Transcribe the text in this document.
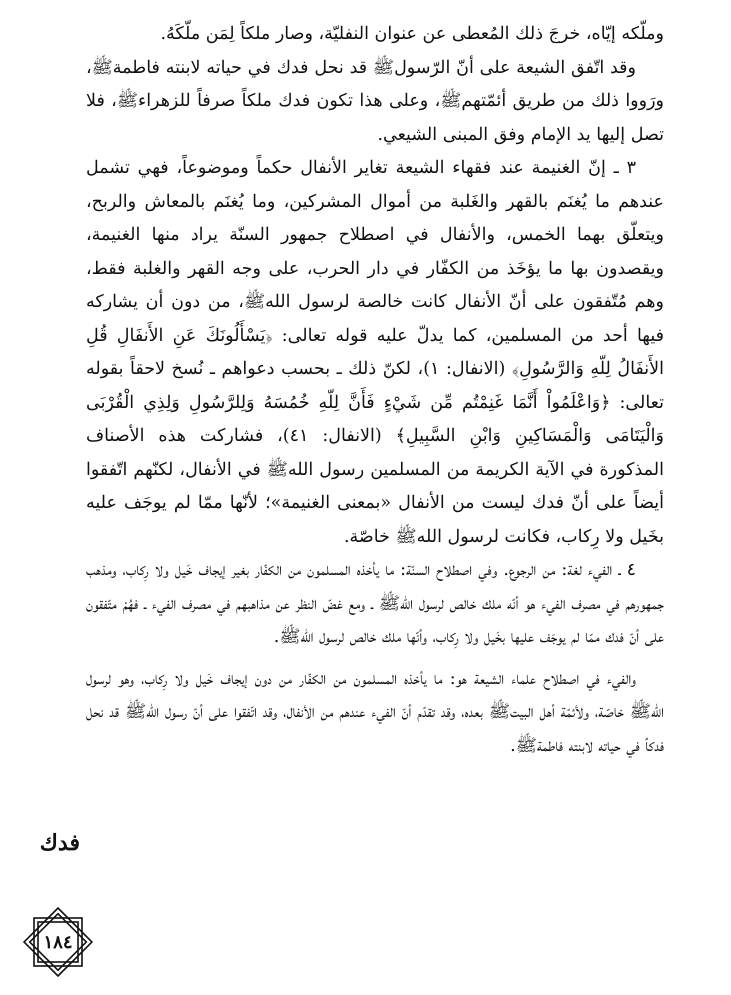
وملّكه إيّاه، خرجَ ذلك المُعطى عن عنوان النفليّة، وصار ملكاً لِمَن ملّكَهُ.

وقد اتّفق الشيعة على أنّ الرّسول‌ﷺ قد نحل فدك في حياته لابنته فاطمة‌ﷺ، ورَووا ذلك من طريق أئمّتهم‌ﷺ، وعلى هذا تكون فدك ملكاً صرفاً للزهراء‌ﷺ، فلا تصل إليها يد الإمام وفق المبنى الشيعي.

٣ ـ إنّ الغنيمة عند فقهاء الشيعة تغاير الأنفال حكماً وموضوعاً، فهي تشمل عندهم ما يُغنَم بالقهر والغَلبة من أموال المشركين، وما يُغنَم بالمعاش والربح، ويتعلّق بهما الخمس، والأنفال في اصطلاح جمهور السنّة يراد منها الغنيمة، ويقصدون بها ما يؤخَذ من الكفّار في دار الحرب، على وجه القهر والغلبة فقط، وهم مُتّفقون على أنّ الأنفال كانت خالصة لرسول الله‌ﷺ، من دون أن يشاركه فيها أحد من المسلمين، كما يدلّ عليه قوله تعالى: ﴿يَسْأَلُونَكَ عَنِ الأَنفَالِ قُلِ الأَنفَالُ لِلّهِ وَالرَّسُولِ﴾ (الانفال: ١)، لكنّ ذلك ـ بحسب دعواهم ـ نُسخ لاحقاً بقوله تعالى: ﴿وَاعْلَمُواْ أَنَّمَا غَنِمْتُم مِّن شَيْءٍ فَأَنَّ لِلّهِ خُمُسَهُ وَلِلرَّسُولِ وَلِذِي الْقُرْبَى وَالْيَتَامَى وَالْمَسَاكِينِ وَابْنِ السَّبِيلِ﴾ (الانفال: ٤١)، فشاركت هذه الأصناف المذكورة في الآية الكريمة من المسلمين رسول الله‌ﷺ في الأنفال، لكنّهم اتّفقوا أيضاً على أنّ فدك ليست من الأنفال «بمعنى الغنيمة»؛ لأنّها ممّا لم يوجَف عليه بخَيل ولا رِكاب، فكانت لرسول الله‌ﷺ خاصّة.

٤ ـ الفيء لغة: من الرجوع. وفي اصطلاح السنّة: ما يأخذه المسلمون من الكفّار بغير إيجاف خَيل ولا رِكاب، ومذهب جمهورهم في مصرف الفيء هو أنّه ملك خالص لرسول الله‌ﷺ ـ ومع غضّ النظر عن مذاهبهم في مصرف الفيء ـ فهُمْ متّفقون على أنّ فدك ممّا لم يوجَف عليها بخَيل ولا رِكاب، وأنّها ملك خالص لرسول الله‌ﷺ.

والفيء في اصطلاح علماء الشيعة هو: ما يأخذه المسلمون من الكفّار من دون إيجاف خَيل ولا رِكاب، وهو لرسول الله‌ﷺ خاصّة، ولأئمّة أهل البيت‌ﷺ بعده، وقد تقدّم أنّ الفيء عندهم من الأنفال، وقد اتّفقوا على أنّ رسول الله‌ﷺ قد نحل فدكاً في حياته لابنته فاطمة‌ﷺ.

فدك
١٨٤
